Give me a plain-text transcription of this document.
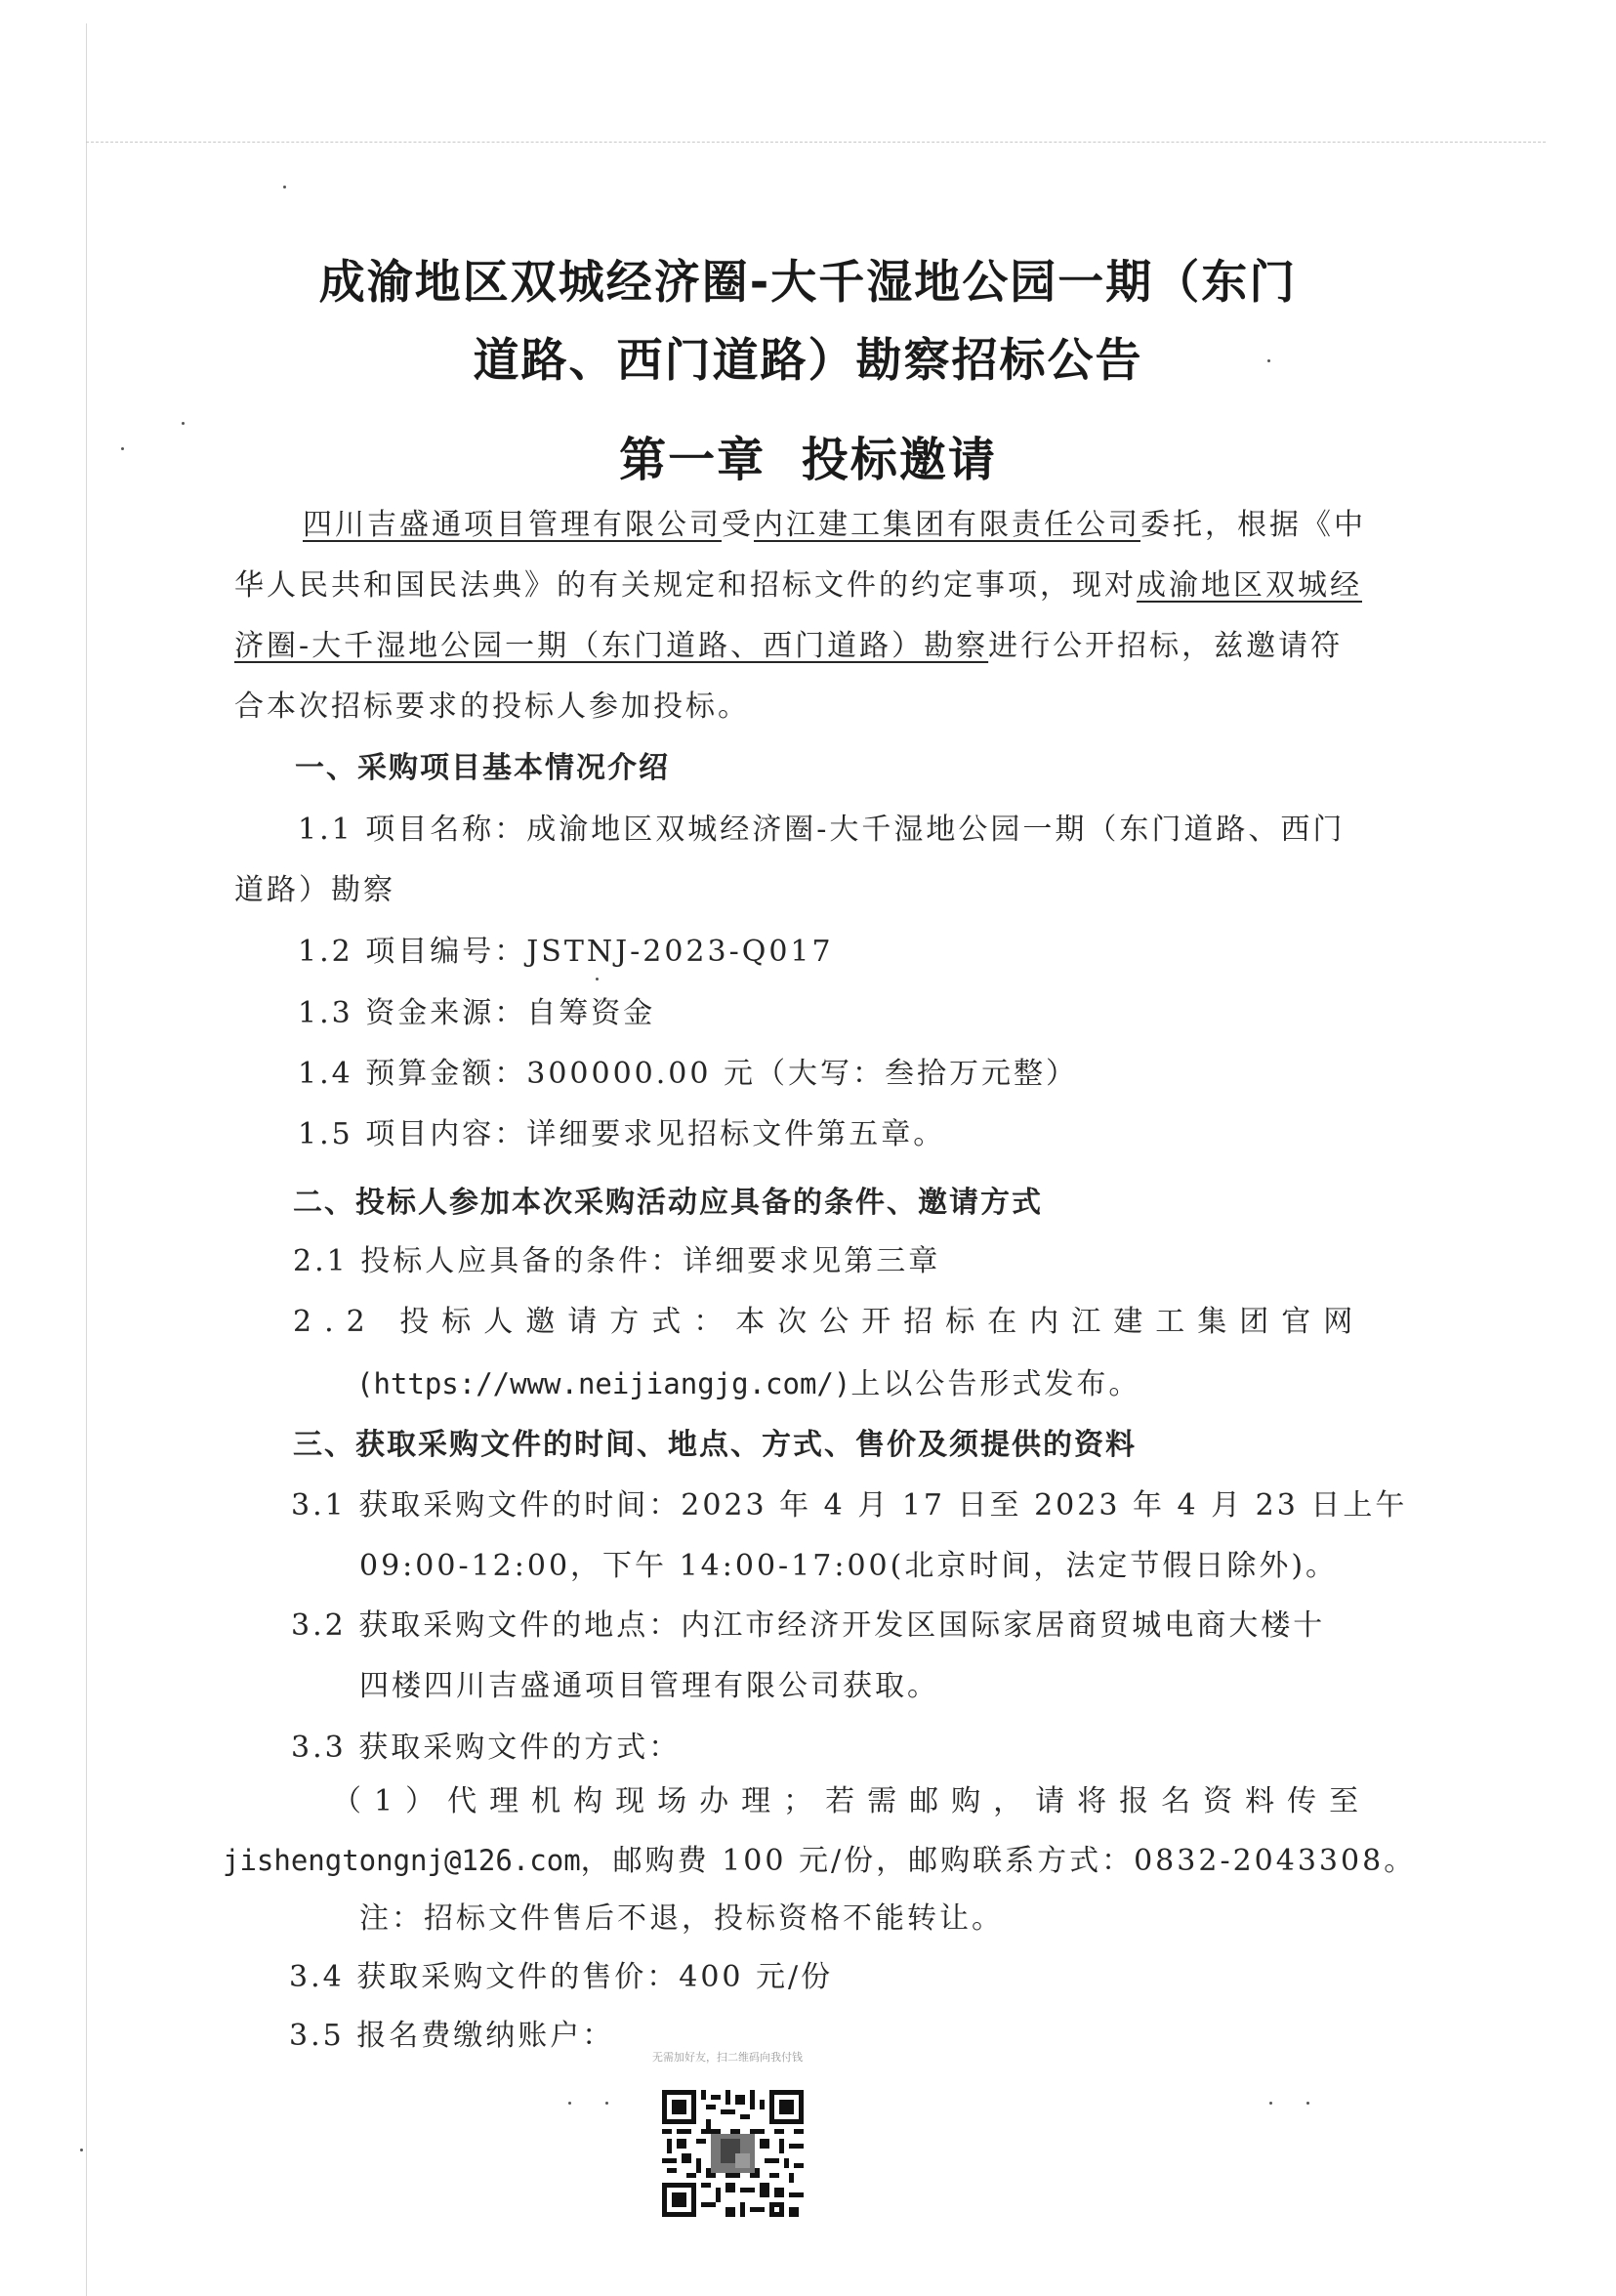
成渝地区双城经济圈-大千湿地公园一期（东门
道路、西门道路）勘察招标公告
第一章 投标邀请
四川吉盛通项目管理有限公司受内江建工集团有限责任公司委托，根据《中
华人民共和国民法典》的有关规定和招标文件的约定事项，现对成渝地区双城经
济圈-大千湿地公园一期（东门道路、西门道路）勘察进行公开招标，兹邀请符
合本次招标要求的投标人参加投标。
一、采购项目基本情况介绍
1.1 项目名称：成渝地区双城经济圈-大千湿地公园一期（东门道路、西门
道路）勘察
1.2 项目编号：JSTNJ-2023-Q017
1.3 资金来源：自筹资金
1.4 预算金额：300000.00 元（大写：叁拾万元整）
1.5 项目内容：详细要求见招标文件第五章。
二、投标人参加本次采购活动应具备的条件、邀请方式
2.1 投标人应具备的条件：详细要求见第三章
2.2 投标人邀请方式：本次公开招标在内江建工集团官网
(https://www.neijiangjg.com/)上以公告形式发布。
三、获取采购文件的时间、地点、方式、售价及须提供的资料
3.1 获取采购文件的时间：2023 年 4 月 17 日至 2023 年 4 月 23 日上午
09:00-12:00，下午 14:00-17:00(北京时间，法定节假日除外)。
3.2 获取采购文件的地点：内江市经济开发区国际家居商贸城电商大楼十
四楼四川吉盛通项目管理有限公司获取。
3.3 获取采购文件的方式：
（1）代理机构现场办理；若需邮购，请将报名资料传至
jishengtongnj@126.com，邮购费 100 元/份，邮购联系方式：0832-2043308。
注：招标文件售后不退，投标资格不能转让。
3.4 获取采购文件的售价：400 元/份
3.5 报名费缴纳账户：
无需加好友，扫二维码向我付钱
